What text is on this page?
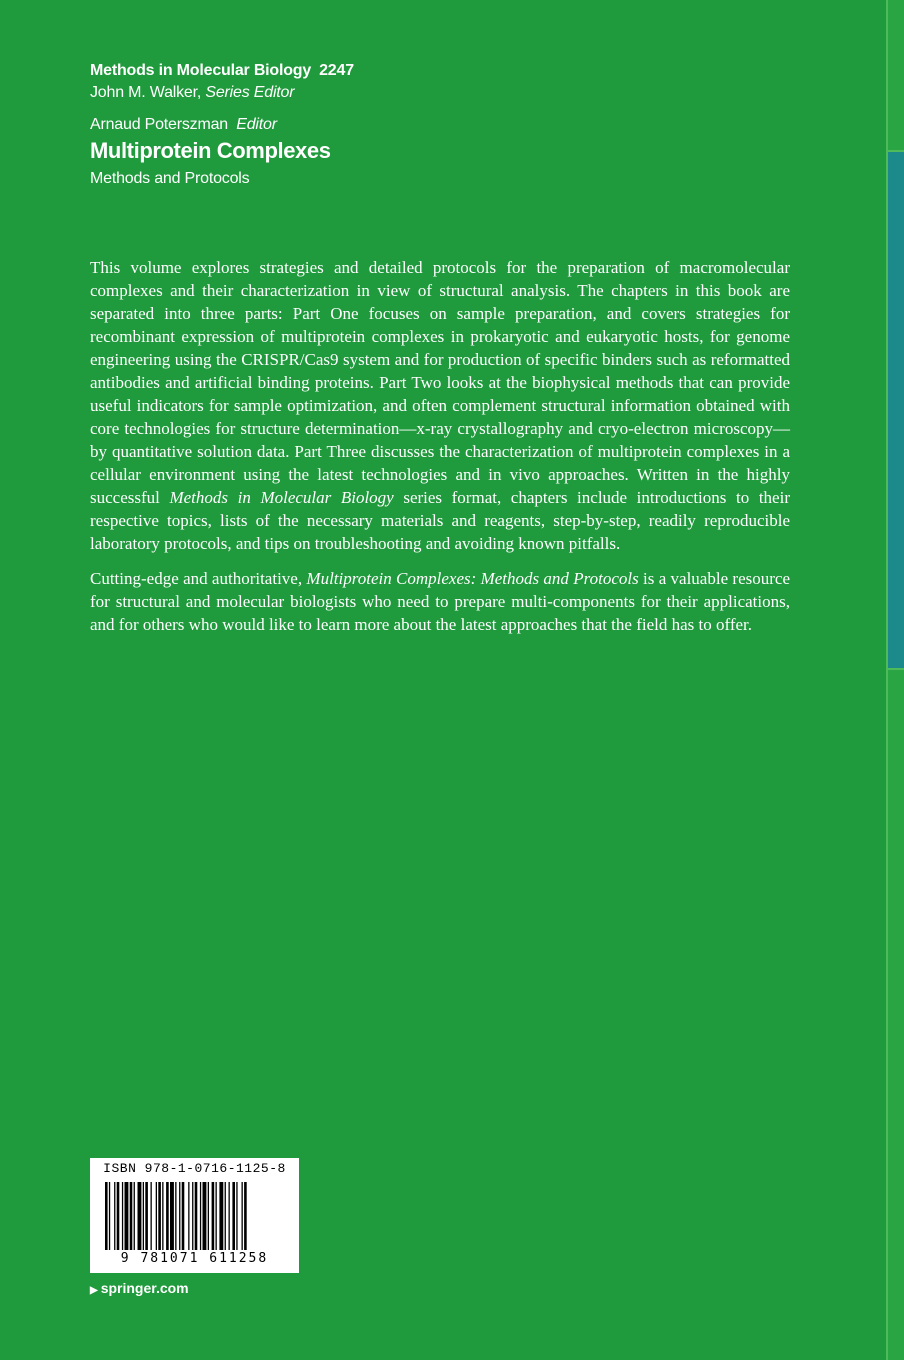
Methods in Molecular Biology 2247
John M. Walker, Series Editor
Arnaud Poterszman Editor
Multiprotein Complexes
Methods and Protocols

This volume explores strategies and detailed protocols for the preparation of macromolecular complexes and their characterization in view of structural analysis. The chapters in this book are separated into three parts: Part One focuses on sample preparation, and covers strategies for recombinant expression of multiprotein complexes in prokaryotic and eukaryotic hosts, for genome engineering using the CRISPR/Cas9 system and for production of specific binders such as reformatted antibodies and artificial binding proteins. Part Two looks at the biophysical methods that can provide useful indicators for sample optimization, and often complement structural information obtained with core technologies for structure determination—x-ray crystallography and cryo-electron microscopy—by quantitative solution data. Part Three discusses the characterization of multiprotein complexes in a cellular environment using the latest technologies and in vivo approaches. Written in the highly successful Methods in Molecular Biology series format, chapters include introductions to their respective topics, lists of the necessary materials and reagents, step-by-step, readily reproducible laboratory protocols, and tips on troubleshooting and avoiding known pitfalls.

Cutting-edge and authoritative, Multiprotein Complexes: Methods and Protocols is a valuable resource for structural and molecular biologists who need to prepare multi-components for their applications, and for others who would like to learn more about the latest approaches that the field has to offer.

ISBN 978-1-0716-1125-8
9 781071 611258
▶ springer.com
